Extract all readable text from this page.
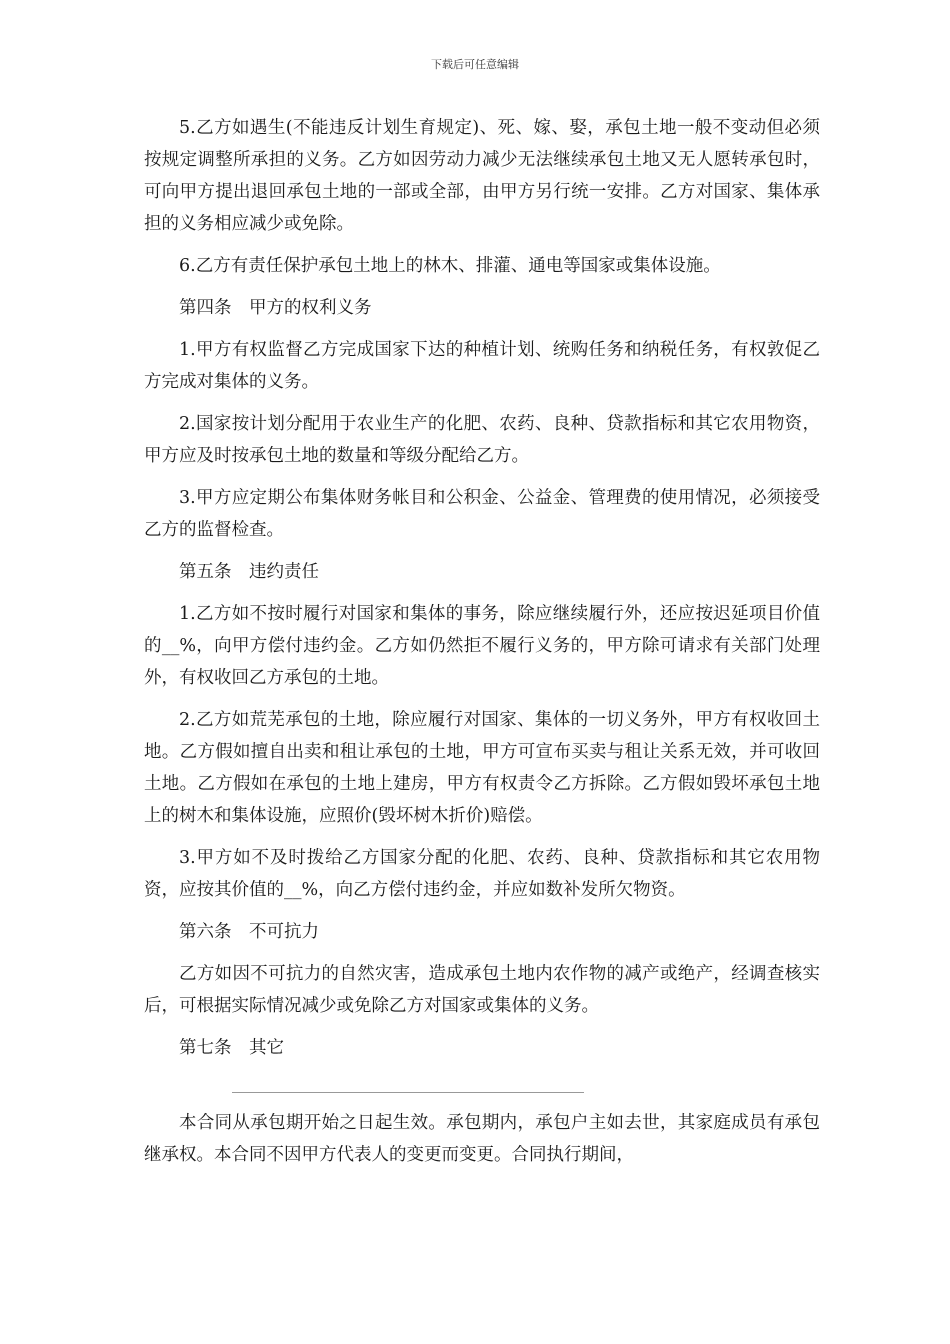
下载后可任意编辑

5.乙方如遇生(不能违反计划生育规定)、死、嫁、娶，承包土地一般不变动但必须按规定调整所承担的义务。乙方如因劳动力减少无法继续承包土地又无人愿转承包时，可向甲方提出退回承包土地的一部或全部，由甲方另行统一安排。乙方对国家、集体承担的义务相应减少或免除。

6.乙方有责任保护承包土地上的林木、排灌、通电等国家或集体设施。

第四条　甲方的权利义务

1.甲方有权监督乙方完成国家下达的种植计划、统购任务和纳税任务，有权敦促乙方完成对集体的义务。

2.国家按计划分配用于农业生产的化肥、农药、良种、贷款指标和其它农用物资，甲方应及时按承包土地的数量和等级分配给乙方。

3.甲方应定期公布集体财务帐目和公积金、公益金、管理费的使用情况，必须接受乙方的监督检查。

第五条　违约责任

1.乙方如不按时履行对国家和集体的事务，除应继续履行外，还应按迟延项目价值的__%，向甲方偿付违约金。乙方如仍然拒不履行义务的，甲方除可请求有关部门处理外，有权收回乙方承包的土地。

2.乙方如荒芜承包的土地，除应履行对国家、集体的一切义务外，甲方有权收回土地。乙方假如擅自出卖和租让承包的土地，甲方可宣布买卖与租让关系无效，并可收回土地。乙方假如在承包的土地上建房，甲方有权责令乙方拆除。乙方假如毁坏承包土地上的树木和集体设施，应照价(毁坏树木折价)赔偿。

3.甲方如不及时拨给乙方国家分配的化肥、农药、良种、贷款指标和其它农用物资，应按其价值的__%，向乙方偿付违约金，并应如数补发所欠物资。

第六条　不可抗力

乙方如因不可抗力的自然灾害，造成承包土地内农作物的减产或绝产，经调查核实后，可根据实际情况减少或免除乙方对国家或集体的义务。

第七条　其它

本合同从承包期开始之日起生效。承包期内，承包户主如去世，其家庭成员有承包继承权。本合同不因甲方代表人的变更而变更。合同执行期间，
